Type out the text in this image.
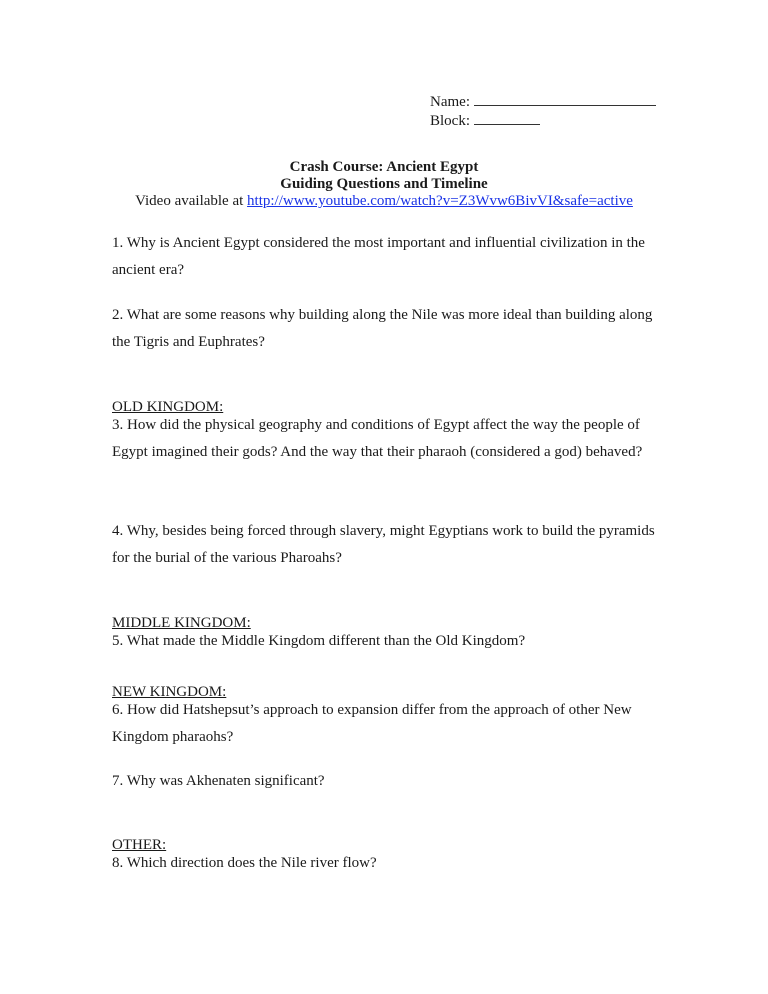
Name:
Block:
Crash Course: Ancient Egypt
Guiding Questions and Timeline
Video available at http://www.youtube.com/watch?v=Z3Wvw6BivVI&safe=active
1. Why is Ancient Egypt considered the most important and influential civilization in the ancient era?
2. What are some reasons why building along the Nile was more ideal than building along the Tigris and Euphrates?
OLD KINGDOM:
3. How did the physical geography and conditions of Egypt affect the way the people of Egypt imagined their gods? And the way that their pharaoh (considered a god) behaved?
4. Why, besides being forced through slavery, might Egyptians work to build the pyramids for the burial of the various Pharoahs?
MIDDLE KINGDOM:
5. What made the Middle Kingdom different than the Old Kingdom?
NEW KINGDOM:
6. How did Hatshepsut’s approach to expansion differ from the approach of other New Kingdom pharaohs?
7. Why was Akhenaten significant?
OTHER:
8. Which direction does the Nile river flow?
